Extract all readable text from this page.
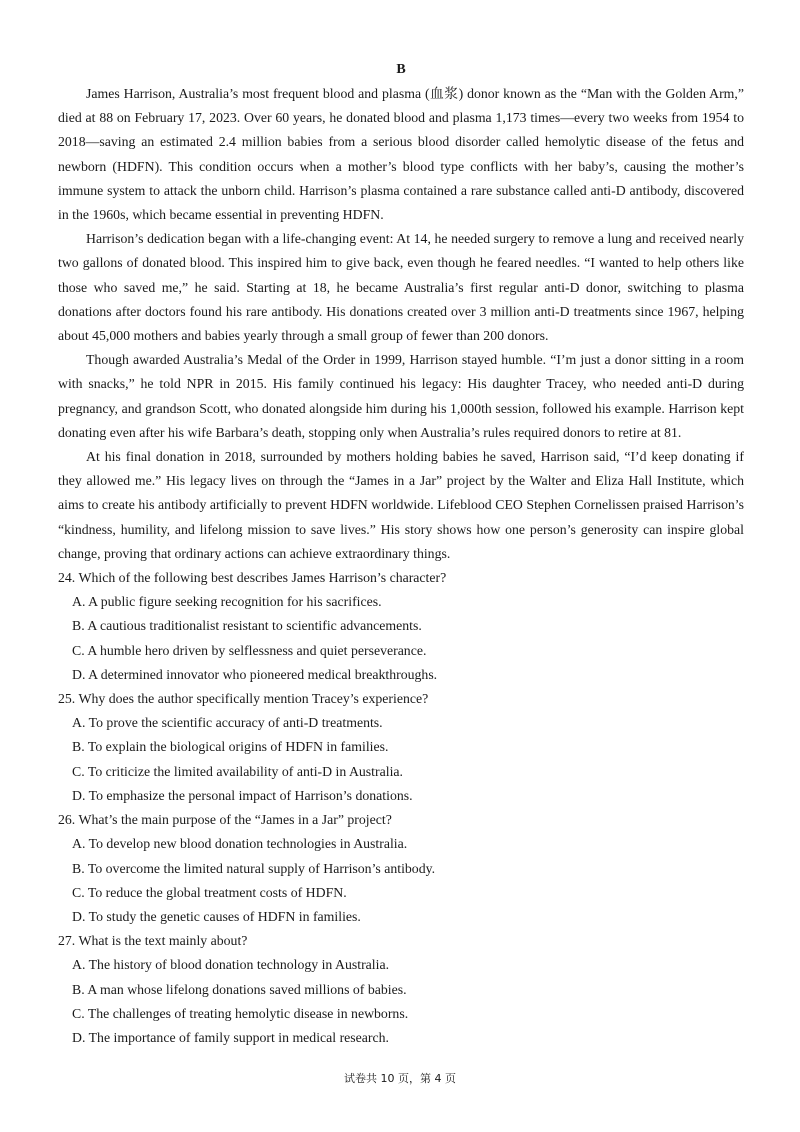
B

James Harrison, Australia’s most frequent blood and plasma (血浆) donor known as the “Man with the Golden Arm,” died at 88 on February 17, 2023. Over 60 years, he donated blood and plasma 1,173 times—every two weeks from 1954 to 2018—saving an estimated 2.4 million babies from a serious blood disorder called hemolytic disease of the fetus and newborn (HDFN). This condition occurs when a mother’s blood type conflicts with her baby’s, causing the mother’s immune system to attack the unborn child. Harrison’s plasma contained a rare substance called anti-D antibody, discovered in the 1960s, which became essential in preventing HDFN.

Harrison’s dedication began with a life-changing event: At 14, he needed surgery to remove a lung and received nearly two gallons of donated blood. This inspired him to give back, even though he feared needles. “I wanted to help others like those who saved me,” he said. Starting at 18, he became Australia’s first regular anti-D donor, switching to plasma donations after doctors found his rare antibody. His donations created over 3 million anti-D treatments since 1967, helping about 45,000 mothers and babies yearly through a small group of fewer than 200 donors.

Though awarded Australia’s Medal of the Order in 1999, Harrison stayed humble. “I’m just a donor sitting in a room with snacks,” he told NPR in 2015. His family continued his legacy: His daughter Tracey, who needed anti-D during pregnancy, and grandson Scott, who donated alongside him during his 1,000th session, followed his example. Harrison kept donating even after his wife Barbara’s death, stopping only when Australia’s rules required donors to retire at 81.

At his final donation in 2018, surrounded by mothers holding babies he saved, Harrison said, “I’d keep donating if they allowed me.” His legacy lives on through the “James in a Jar” project by the Walter and Eliza Hall Institute, which aims to create his antibody artificially to prevent HDFN worldwide. Lifeblood CEO Stephen Cornelissen praised Harrison’s “kindness, humility, and lifelong mission to save lives.” His story shows how one person’s generosity can inspire global change, proving that ordinary actions can achieve extraordinary things.

24. Which of the following best describes James Harrison’s character?

A. A public figure seeking recognition for his sacrifices.

B. A cautious traditionalist resistant to scientific advancements.

C. A humble hero driven by selflessness and quiet perseverance.

D. A determined innovator who pioneered medical breakthroughs.

25. Why does the author specifically mention Tracey’s experience?

A. To prove the scientific accuracy of anti-D treatments.

B. To explain the biological origins of HDFN in families.

C. To criticize the limited availability of anti-D in Australia.

D. To emphasize the personal impact of Harrison’s donations.

26. What’s the main purpose of the “James in a Jar” project?

A. To develop new blood donation technologies in Australia.

B. To overcome the limited natural supply of Harrison’s antibody.

C. To reduce the global treatment costs of HDFN.

D. To study the genetic causes of HDFN in families.

27. What is the text mainly about?

A. The history of blood donation technology in Australia.

B. A man whose lifelong donations saved millions of babies.

C. The challenges of treating hemolytic disease in newborns.

D. The importance of family support in medical research.

试卷共 10 页，第 4 页
